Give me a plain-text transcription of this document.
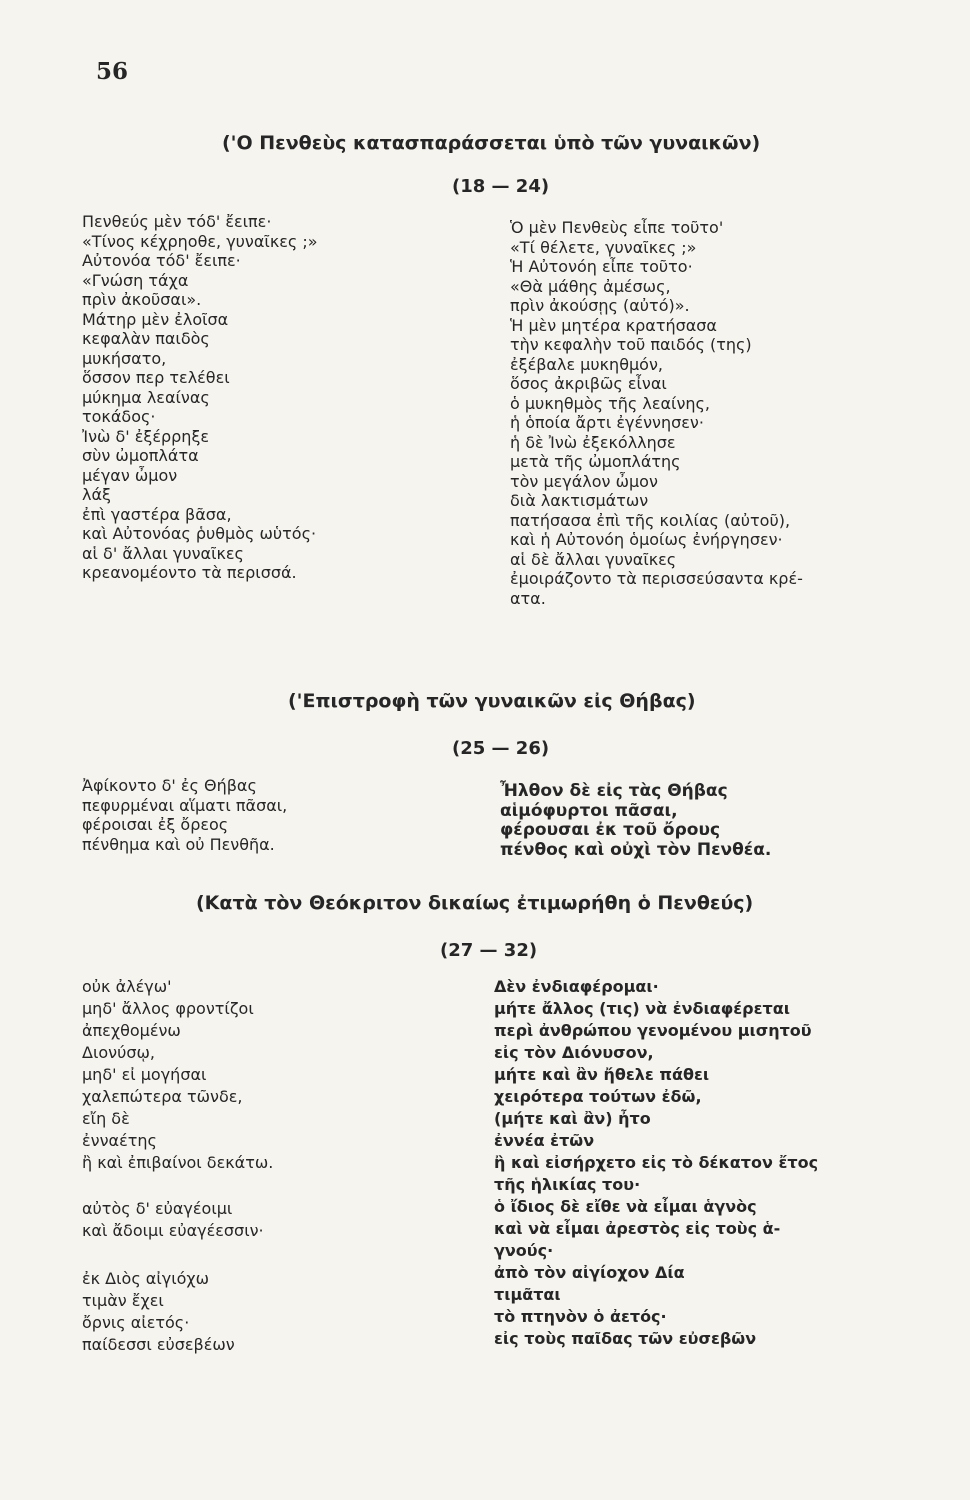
56
('Ο Πενθεὺς κατασπαράσσεται ὑπὸ τῶν γυναικῶν)
(18 — 24)
Πενθεύς μὲν τόδ' ἔειπε·
«Τίνος κέχρηοθε, γυναῖκες ;»
Αὐτονόα τόδ' ἔειπε·
«Γνώση τάχα
πρὶν ἀκοῦσαι».
Μάτηρ μὲν ἐλοῖσα
κεφαλὰν παιδὸς
μυκήσατο,
ὅσσον περ τελέθει
μύκημα λεαίνας
τοκάδος·
Ἰνὼ δ' ἐξέρρηξε
σὺν ὠμοπλάτα
μέγαν ὦμον
λάξ
ἐπὶ γαστέρα βᾶσα,
καὶ Αὐτονόας ῥυθμὸς ωὑτός·
αἱ δ' ἄλλαι γυναῖκες
κρεανομέοντο τὰ περισσά.
Ὁ μὲν Πενθεὺς εἶπε τοῦτο'
«Τί θέλετε, γυναῖκες ;»
Ἡ Αὐτονόη εἶπε τοῦτο·
«Θὰ μάθης ἀμέσως,
πρὶν ἀκούσῃς (αὐτό)».
Ἡ μὲν μητέρα κρατήσασα
τὴν κεφαλὴν τοῦ παιδός (της)
ἐξέβαλε μυκηθμόν,
ὅσος ἀκριβῶς εἶναι
ὁ μυκηθμὸς τῆς λεαίνης,
ἡ ὁποία ἄρτι ἐγέννησεν·
ἡ δὲ Ἰνὼ ἐξεκόλλησε
μετὰ τῆς ὠμοπλάτης
τὸν μεγάλον ὦμον
διὰ λακτισμάτων
πατήσασα ἐπὶ τῆς κοιλίας (αὐτοῦ),
καὶ ἡ Αὐτονόη ὁμοίως ἐνήργησεν·
αἱ δὲ ἄλλαι γυναῖκες
ἐμοιράζοντο τὰ περισσεύσαντα κρέ-
ατα.
('Επιστροφὴ τῶν γυναικῶν εἰς Θήβας)
(25 — 26)
Ἀφίκοντο δ' ἐς Θήβας
πεφυρμέναι αἵματι πᾶσαι,
φέροισαι ἐξ ὄρεος
πένθημα καὶ οὐ Πενθῆα.
Ἦλθον δὲ εἰς τὰς Θήβας
αἱμόφυρτοι πᾶσαι,
φέρουσαι ἐκ τοῦ ὄρους
πένθος καὶ οὐχὶ τὸν Πενθέα.
(Κατὰ τὸν Θεόκριτον δικαίως ἐτιμωρήθη ὁ Πενθεύς)
(27 — 32)
οὐκ ἀλέγω'
μηδ' ἄλλος φροντίζοι
ἀπεχθομένω
Διονύσῳ,
μηδ' εἰ μογήσαι
χαλεπώτερα τῶνδε,
εἴη δὲ
ἐνναέτης
ἢ καὶ ἐπιβαίνοι δεκάτω.
αὐτὸς δ' εὐαγέοιμι
καὶ ἄδοιμι εὐαγέεσσιν·
ἐκ Διὸς αἰγιόχω
τιμὰν ἔχει
ὄρνις αἰετός·
παίδεσσι εὐσεβέων
Δὲν ἐνδιαφέρομαι·
μήτε ἄλλος (τις) νὰ ἐνδιαφέρεται
περὶ ἀνθρώπου γενομένου μισητοῦ
εἰς τὸν Διόνυσον,
μήτε καὶ ἂν ἤθελε πάθει
χειρότερα τούτων ἐδῶ,
(μήτε καὶ ἂν) ἦτο
ἐννέα ἐτῶν
ἢ καὶ εἰσήρχετο εἰς τὸ δέκατον ἔτος
τῆς ἡλικίας του·
ὁ ἴδιος δὲ εἴθε νὰ εἶμαι ἁγνὸς
καὶ νὰ εἶμαι ἀρεστὸς εἰς τοὺς ἁ-
γνούς·
ἀπὸ τὸν αἰγίοχον Δία
τιμᾶται
τὸ πτηνὸν ὁ ἀετός·
εἰς τοὺς παῖδας τῶν εὐσεβῶν
